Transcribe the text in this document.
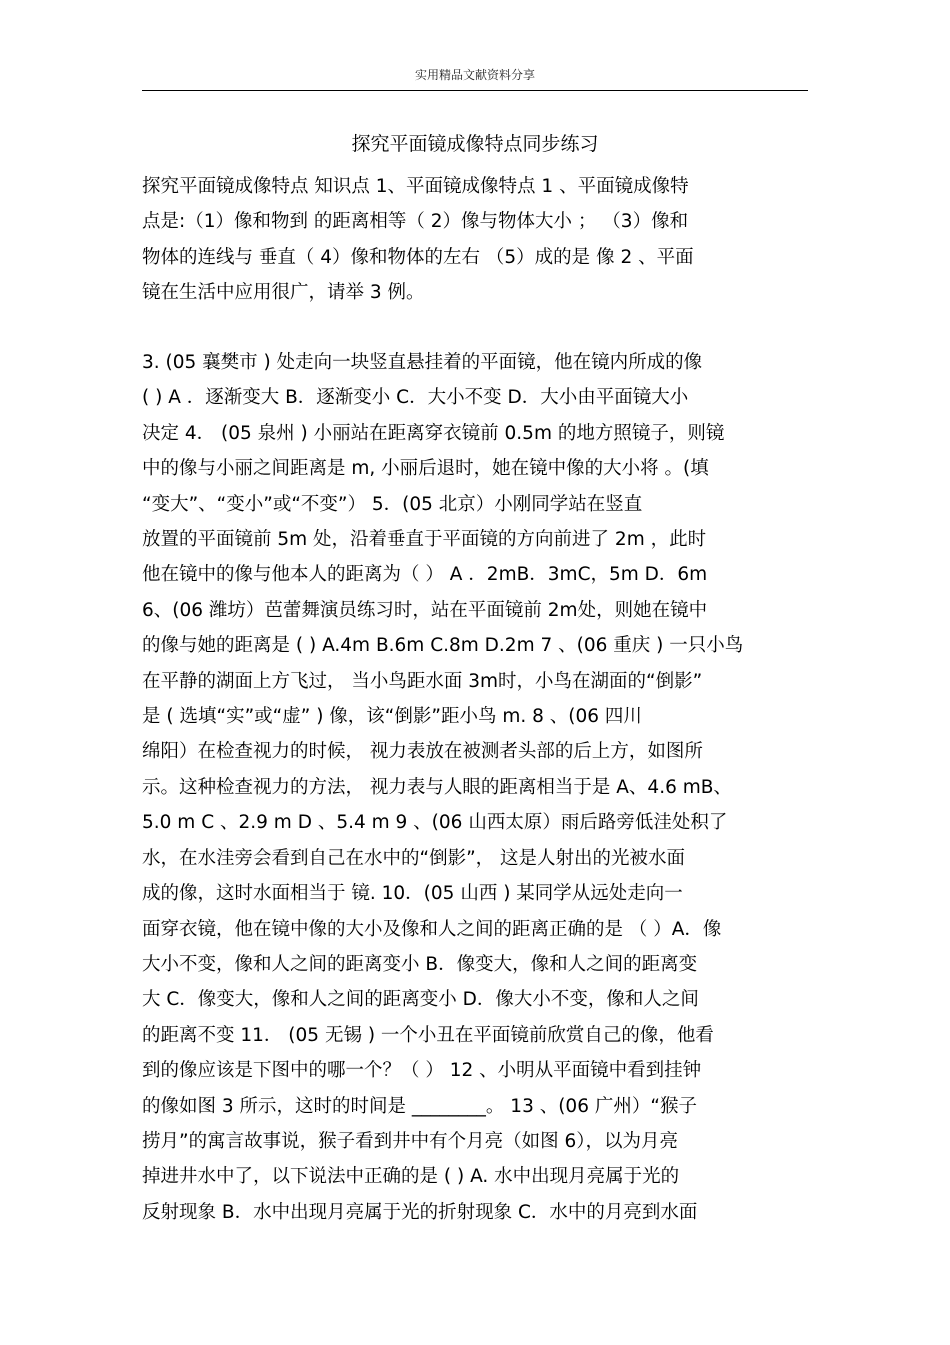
实用精品文献资料分享
探究平面镜成像特点同步练习
探究平面镜成像特点 知识点 1、平面镜成像特点 1 、平面镜成像特
点是:（1）像和物到 的距离相等（ 2）像与物体大小 ； （3）像和
物体的连线与 垂直（ 4）像和物体的左右 （5）成的是 像 2 、平面
镜在生活中应用很广，请举 3 例。
3. (05 襄樊市 ) 处走向一块竖直悬挂着的平面镜，他在镜内所成的像
( ) A ．逐渐变大 B．逐渐变小 C．大小不变 D．大小由平面镜大小
决定 4． (05 泉州 ) 小丽站在距离穿衣镜前 0.5m 的地方照镜子，则镜
中的像与小丽之间距离是 m, 小丽后退时，她在镜中像的大小将 。(填
“变大”、“变小”或“不变”） 5．(05 北京）小刚同学站在竖直
放置的平面镜前 5m 处，沿着垂直于平面镜的方向前进了 2m ，此时
他在镜中的像与他本人的距离为（ ） A ．2mB．3mC，5m D．6m
6、(06 潍坊）芭蕾舞演员练习时，站在平面镜前 2m处，则她在镜中
的像与她的距离是 ( ) A.4m B.6m C.8m D.2m 7 、(06 重庆 ) 一只小鸟
在平静的湖面上方飞过， 当小鸟距水面 3m时，小鸟在湖面的“倒影”
是 ( 选填“实”或“虚” ) 像，该“倒影”距小鸟 m. 8 、(06 四川
绵阳）在检查视力的时候， 视力表放在被测者头部的后上方，如图所
示。这种检查视力的方法， 视力表与人眼的距离相当于是 A、4.6 mB、
5.0 m C 、2.9 m D 、5.4 m 9 、(06 山西太原）雨后路旁低洼处积了
水，在水洼旁会看到自己在水中的“倒影”， 这是人射出的光被水面
成的像，这时水面相当于 镜. 10．(05 山西 ) 某同学从远处走向一
面穿衣镜，他在镜中像的大小及像和人之间的距离正确的是 （ ）A．像
大小不变，像和人之间的距离变小 B．像变大，像和人之间的距离变
大 C．像变大，像和人之间的距离变小 D．像大小不变，像和人之间
的距离不变 11． (05 无锡 ) 一个小丑在平面镜前欣赏自己的像，他看
到的像应该是下图中的哪一个？（ ） 12 、小明从平面镜中看到挂钟
的像如图 3 所示，这时的时间是 ________。 13 、(06 广州）“猴子
捞月”的寓言故事说，猴子看到井中有个月亮（如图 6），以为月亮
掉进井水中了，以下说法中正确的是 ( ) A. 水中出现月亮属于光的
反射现象 B．水中出现月亮属于光的折射现象 C．水中的月亮到水面
